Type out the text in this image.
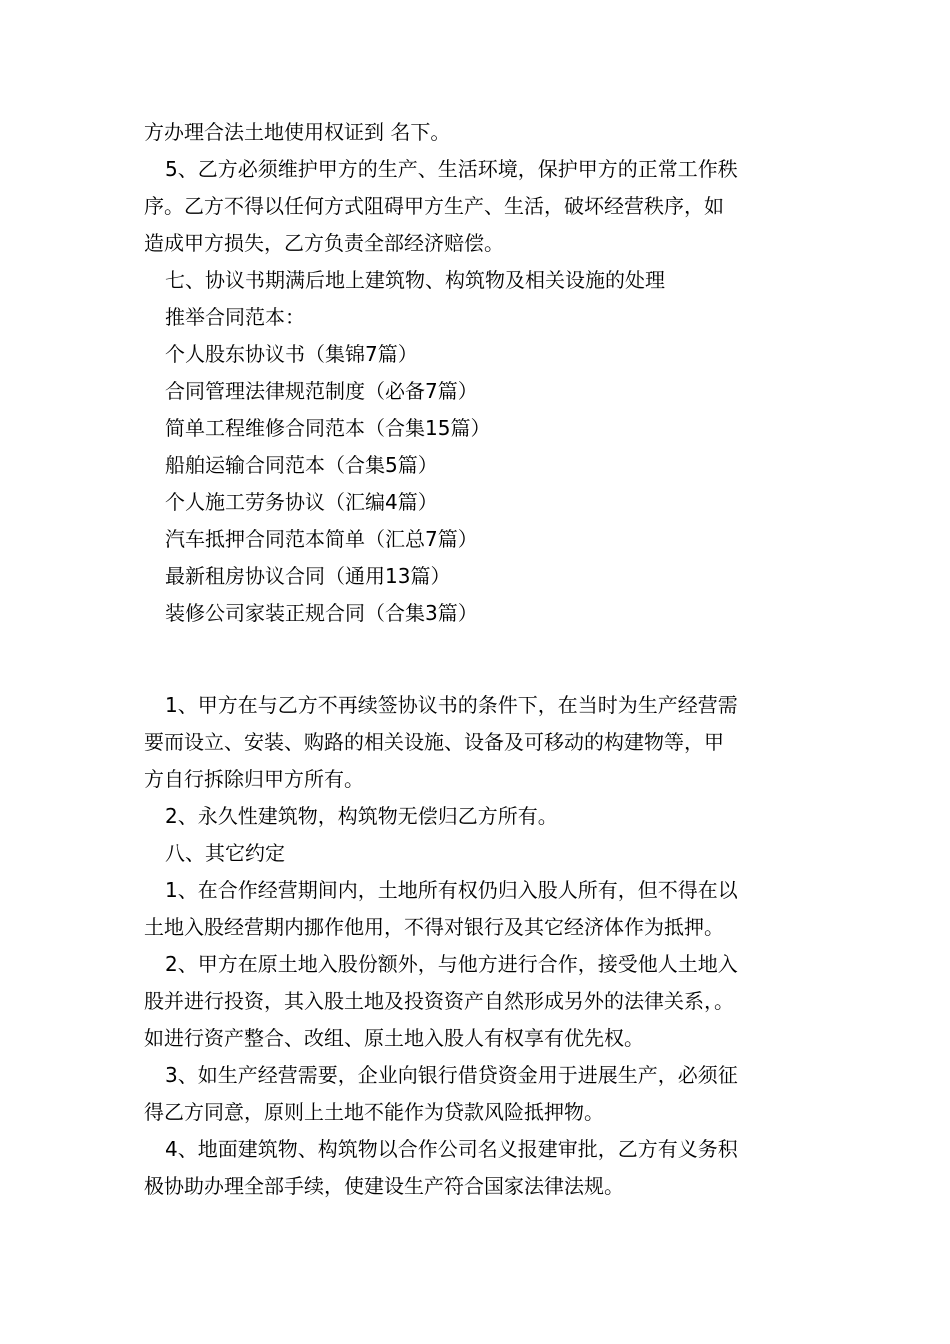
方办理合法土地使用权证到 名下。
5、乙方必须维护甲方的生产、生活环境，保护甲方的正常工作秩
序。乙方不得以任何方式阻碍甲方生产、生活，破坏经营秩序，如
造成甲方损失，乙方负责全部经济赔偿。
七、协议书期满后地上建筑物、构筑物及相关设施的处理
推举合同范本：
个人股东协议书（集锦7篇）
合同管理法律规范制度（必备7篇）
简单工程维修合同范本（合集15篇）
船舶运输合同范本（合集5篇）
个人施工劳务协议（汇编4篇）
汽车抵押合同范本简单（汇总7篇）
最新租房协议合同（通用13篇）
装修公司家装正规合同（合集3篇）
1、甲方在与乙方不再续签协议书的条件下，在当时为生产经营需
要而设立、安装、购路的相关设施、设备及可移动的构建物等，甲
方自行拆除归甲方所有。
2、永久性建筑物，构筑物无偿归乙方所有。
八、其它约定
1、在合作经营期间内，土地所有权仍归入股人所有，但不得在以
土地入股经营期内挪作他用，不得对银行及其它经济体作为抵押。
2、甲方在原土地入股份额外，与他方进行合作，接受他人土地入
股并进行投资，其入股土地及投资资产自然形成另外的法律关系，。
如进行资产整合、改组、原土地入股人有权享有优先权。
3、如生产经营需要，企业向银行借贷资金用于进展生产，必须征
得乙方同意，原则上土地不能作为贷款风险抵押物。
4、地面建筑物、构筑物以合作公司名义报建审批，乙方有义务积
极协助办理全部手续，使建设生产符合国家法律法规。
